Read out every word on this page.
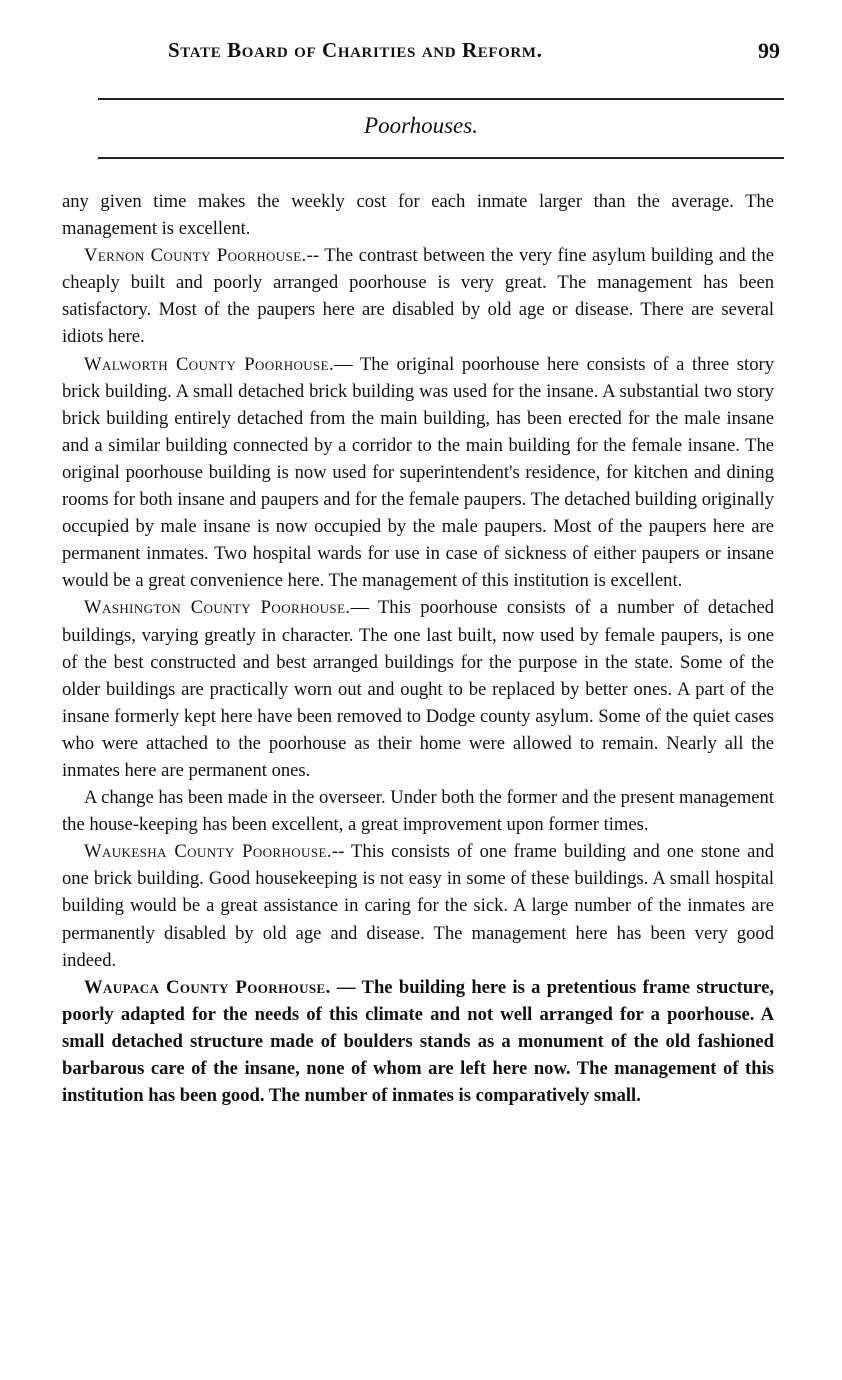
State Board of Charities and Reform.	99
Poorhouses.

any given time makes the weekly cost for each inmate larger than the average. The management is excellent.

Vernon County Poorhouse.-- The contrast between the very fine asylum building and the cheaply built and poorly arranged poorhouse is very great. The management has been satisfactory. Most of the paupers here are disabled by old age or disease. There are several idiots here.

Walworth County Poorhouse.— The original poorhouse here consists of a three story brick building. A small detached brick building was used for the insane. A substantial two story brick building entirely detached from the main building, has been erected for the male insane and a similar building connected by a corridor to the main building for the female insane. The original poorhouse building is now used for superintendent's residence, for kitchen and dining rooms for both insane and paupers and for the female paupers. The detached building originally occupied by male insane is now occupied by the male paupers. Most of the paupers here are permanent inmates. Two hospital wards for use in case of sickness of either paupers or insane would be a great convenience here. The management of this institution is excellent.

Washington County Poorhouse.— This poorhouse consists of a number of detached buildings, varying greatly in character. The one last built, now used by female paupers, is one of the best constructed and best arranged buildings for the purpose in the state. Some of the older buildings are practically worn out and ought to be replaced by better ones. A part of the insane formerly kept here have been removed to Dodge county asylum. Some of the quiet cases who were attached to the poorhouse as their home were allowed to remain. Nearly all the inmates here are permanent ones.

A change has been made in the overseer. Under both the former and the present management the house-keeping has been excellent, a great improvement upon former times.

Waukesha County Poorhouse.-- This consists of one frame building and one stone and one brick building. Good housekeeping is not easy in some of these buildings. A small hospital building would be a great assistance in caring for the sick. A large number of the inmates are permanently disabled by old age and disease. The management here has been very good indeed.

Waupaca County Poorhouse. — The building here is a pretentious frame structure, poorly adapted for the needs of this climate and not well arranged for a poorhouse. A small detached structure made of boulders stands as a monument of the old fashioned barbarous care of the insane, none of whom are left here now. The management of this institution has been good. The number of inmates is comparatively small.
